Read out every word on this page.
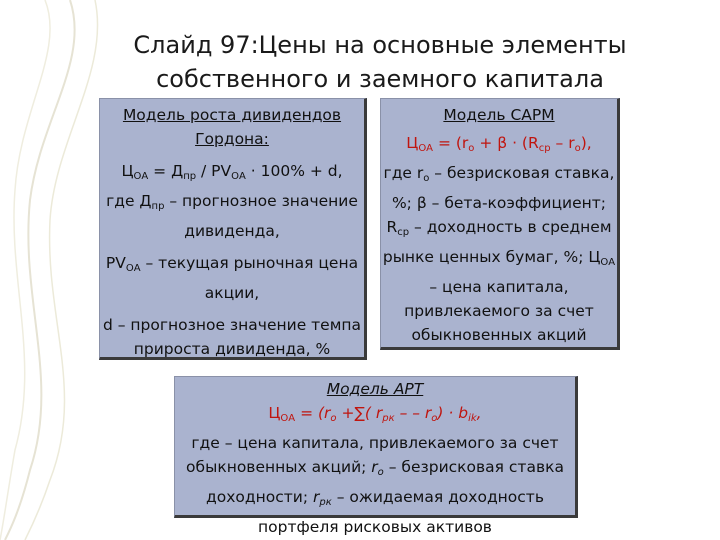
Слайд 97:Цены на основные элементы
собственного и заемного капитала

Модель роста дивидендов Гордона:

$Ц_{ОА} = Д_{пр} / PV_{ОА} \cdot 100\% + d$,

где $Д_{пр}$ – прогнозное значение дивиденда,

$PV_{ОА}$ – текущая рыночная цена акции,

d – прогнозное значение темпа прироста дивиденда, %

Модель CAPM

$Ц_{ОА} = (r_o + \beta \cdot (R_{ср} - r_o)$,

где $r_o$ – безрисковая ставка, %; β – бета-коэффициент; $R_{ср}$ – доходность в среднем рынке ценных бумаг, %; $Ц_{ОА}$ – цена капитала, привлекаемого за счет обыкновенных акций

Модель APT

$Ц_{ОА} = (r_o$ +∑( $r_{рк}$ – – $r_o) \cdot b_{ik}$,

где – цена капитала, привлекаемого за счет обыкновенных акций; $r_o$ – безрисковая ставка доходности; $r_{рк}$ – ожидаемая доходность портфеля рисковых активов
